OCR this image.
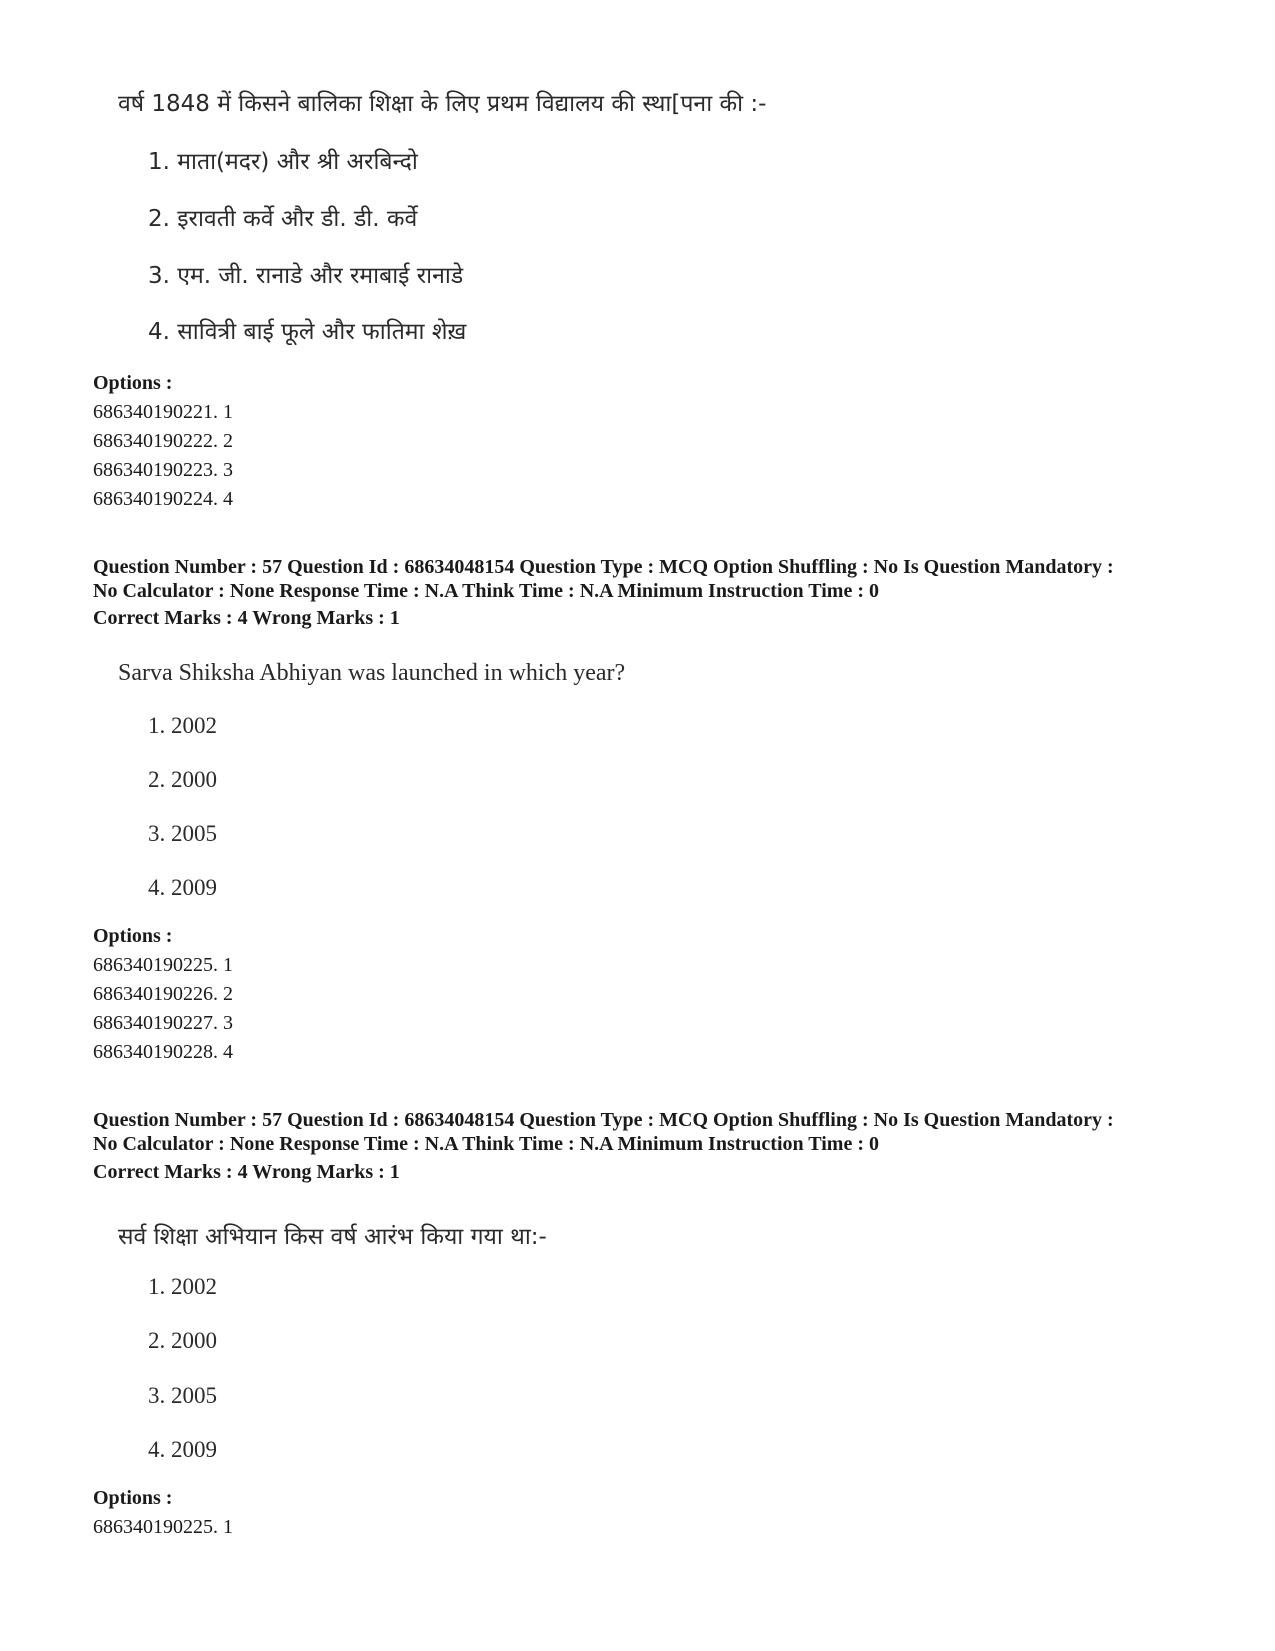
वर्ष 1848 में किसने बालिका शिक्षा के लिए प्रथम विद्यालय की स्था[पना की :-
1. माता(मदर) और श्री अरबिन्दो
2. इरावती कर्वे और डी. डी. कर्वे
3. एम. जी. रानाडे और रमाबाई रानाडे
4. सावित्री बाई फूले और फातिमा शेख़
Options :
686340190221. 1
686340190222. 2
686340190223. 3
686340190224. 4
Question Number : 57 Question Id : 68634048154 Question Type : MCQ Option Shuffling : No Is Question Mandatory :
No Calculator : None Response Time : N.A Think Time : N.A Minimum Instruction Time : 0
Correct Marks : 4 Wrong Marks : 1
Sarva Shiksha Abhiyan was launched in which year?
1. 2002
2. 2000
3. 2005
4. 2009
Options :
686340190225. 1
686340190226. 2
686340190227. 3
686340190228. 4
Question Number : 57 Question Id : 68634048154 Question Type : MCQ Option Shuffling : No Is Question Mandatory :
No Calculator : None Response Time : N.A Think Time : N.A Minimum Instruction Time : 0
Correct Marks : 4 Wrong Marks : 1
सर्व शिक्षा अभियान किस वर्ष आरंभ किया गया था:-
1. 2002
2. 2000
3. 2005
4. 2009
Options :
686340190225. 1
